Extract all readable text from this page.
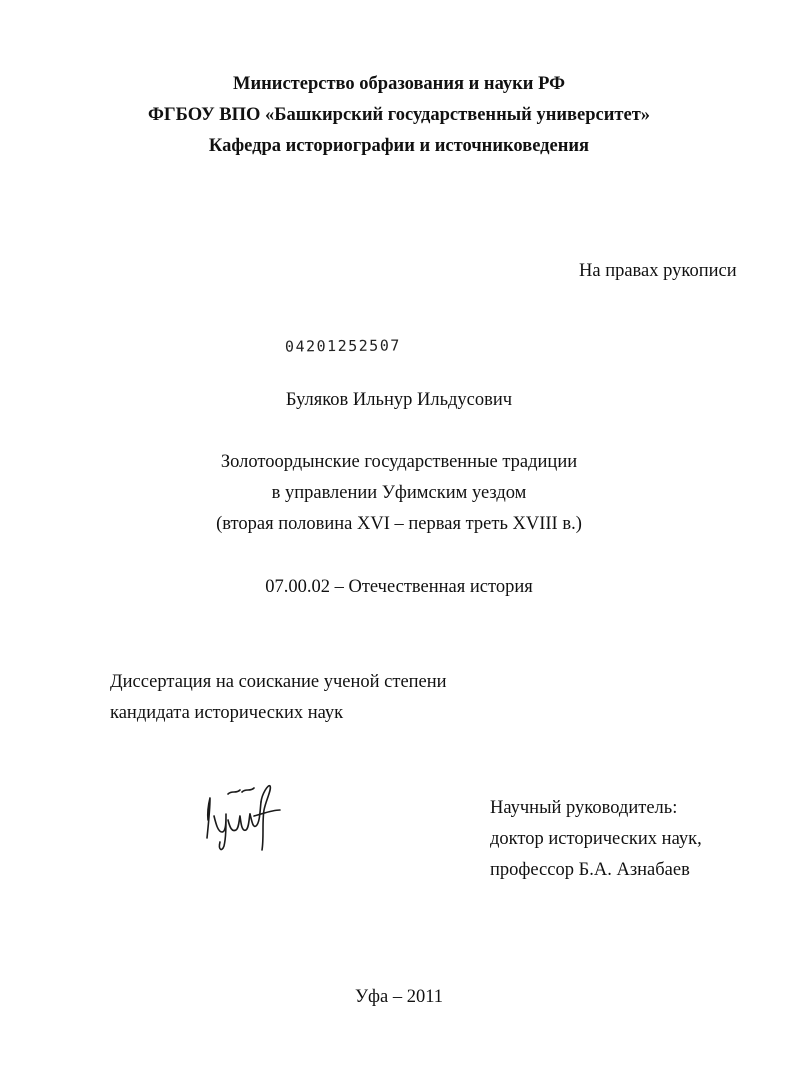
Министерство образования и науки РФ
ФГБОУ ВПО «Башкирский государственный университет»
Кафедра историографии и источниковедения
На правах рукописи
04201252507
Буляков Ильнур Ильдусович
Золотоордынские государственные традиции
в управлении Уфимским уездом
(вторая половина XVI – первая треть XVIII в.)
07.00.02 – Отечественная история
Диссертация на соискание ученой степени
кандидата исторических наук
Научный руководитель:
доктор исторических наук,
профессор Б.А. Азнабаев
Уфа – 2011
